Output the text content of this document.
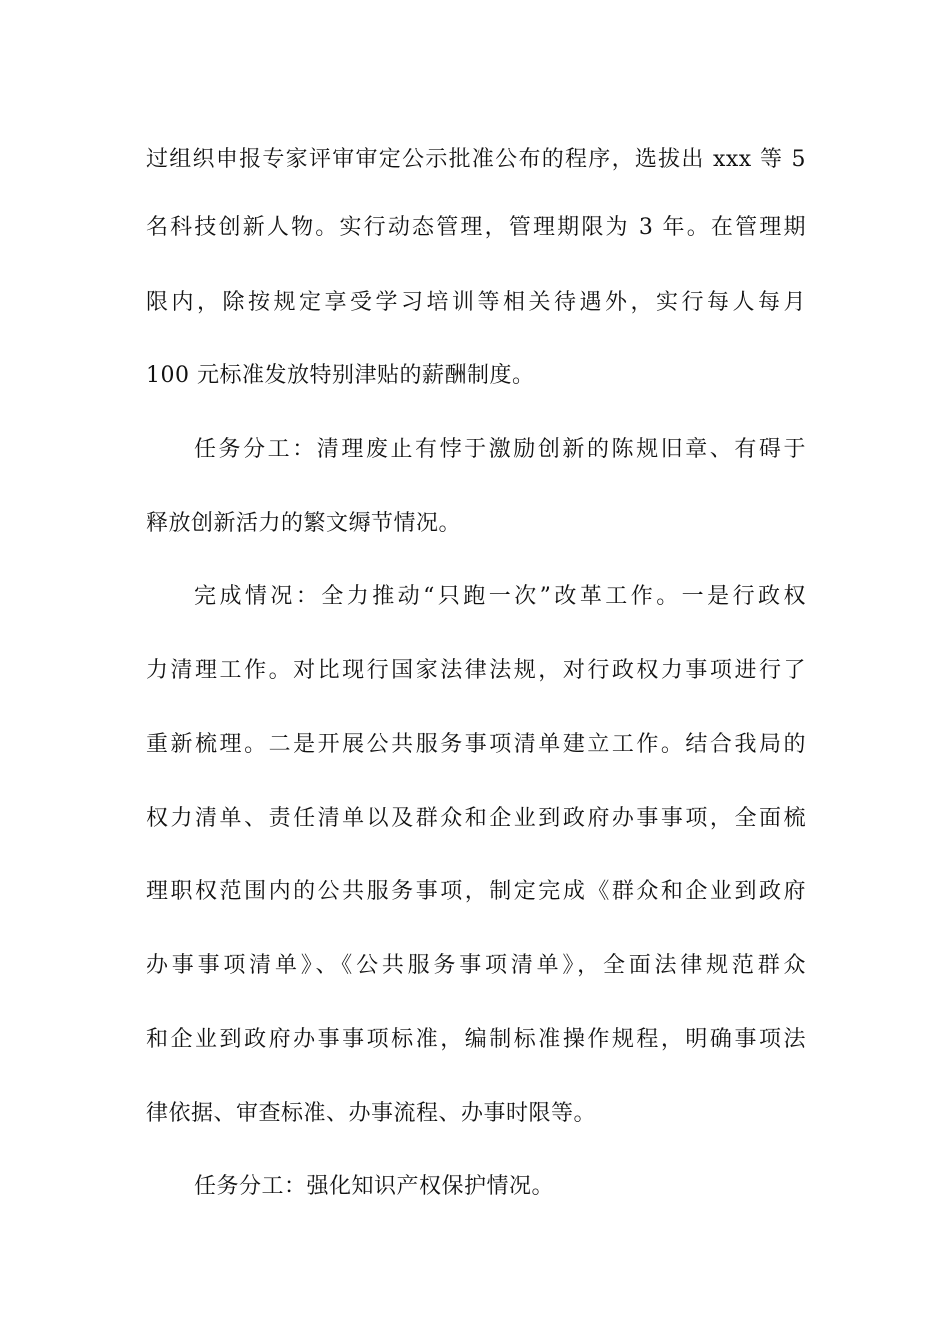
过组织申报专家评审审定公示批准公布的程序，选拔出 xxx 等 5
名科技创新人物。实行动态管理，管理期限为 3 年。在管理期
限内，除按规定享受学习培训等相关待遇外，实行每人每月
100 元标准发放特别津贴的薪酬制度。
任务分工：清理废止有悖于激励创新的陈规旧章、有碍于
释放创新活力的繁文缛节情况。
完成情况：全力推动“只跑一次”改革工作。一是行政权
力清理工作。对比现行国家法律法规，对行政权力事项进行了
重新梳理。二是开展公共服务事项清单建立工作。结合我局的
权力清单、责任清单以及群众和企业到政府办事事项，全面梳
理职权范围内的公共服务事项，制定完成《群众和企业到政府
办事事项清单》、《公共服务事项清单》，全面法律规范群众
和企业到政府办事事项标准，编制标准操作规程，明确事项法
律依据、审查标准、办事流程、办事时限等。
任务分工：强化知识产权保护情况。
